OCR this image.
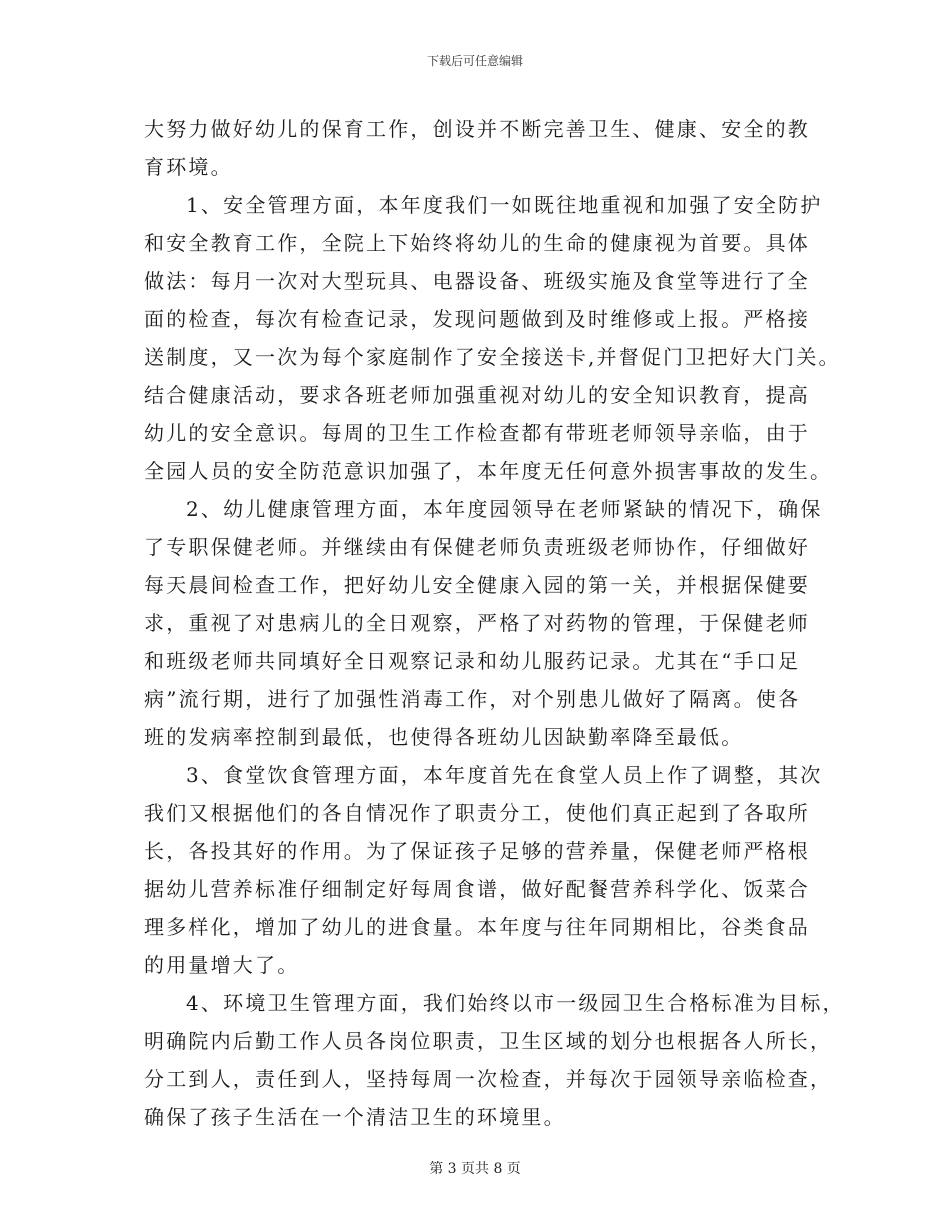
下载后可任意编辑
大努力做好幼儿的保育工作，创设并不断完善卫生、健康、安全的教
育环境。
1、安全管理方面，本年度我们一如既往地重视和加强了安全防护
和安全教育工作，全院上下始终将幼儿的生命的健康视为首要。具体
做法：每月一次对大型玩具、电器设备、班级实施及食堂等进行了全
面的检查，每次有检查记录，发现问题做到及时维修或上报。严格接
送制度，又一次为每个家庭制作了安全接送卡,并督促门卫把好大门关。
结合健康活动，要求各班老师加强重视对幼儿的安全知识教育，提高
幼儿的安全意识。每周的卫生工作检查都有带班老师领导亲临，由于
全园人员的安全防范意识加强了，本年度无任何意外损害事故的发生。
2、幼儿健康管理方面，本年度园领导在老师紧缺的情况下，确保
了专职保健老师。并继续由有保健老师负责班级老师协作，仔细做好
每天晨间检查工作，把好幼儿安全健康入园的第一关，并根据保健要
求，重视了对患病儿的全日观察，严格了对药物的管理，于保健老师
和班级老师共同填好全日观察记录和幼儿服药记录。尤其在“手口足
病”流行期，进行了加强性消毒工作，对个别患儿做好了隔离。使各
班的发病率控制到最低，也使得各班幼儿因缺勤率降至最低。
3、食堂饮食管理方面，本年度首先在食堂人员上作了调整，其次
我们又根据他们的各自情况作了职责分工，使他们真正起到了各取所
长，各投其好的作用。为了保证孩子足够的营养量，保健老师严格根
据幼儿营养标准仔细制定好每周食谱，做好配餐营养科学化、饭菜合
理多样化，增加了幼儿的进食量。本年度与往年同期相比，谷类食品
的用量增大了。
4、环境卫生管理方面，我们始终以市一级园卫生合格标准为目标，
明确院内后勤工作人员各岗位职责，卫生区域的划分也根据各人所长，
分工到人，责任到人，坚持每周一次检查，并每次于园领导亲临检查，
确保了孩子生活在一个清洁卫生的环境里。
第 3 页共 8 页
